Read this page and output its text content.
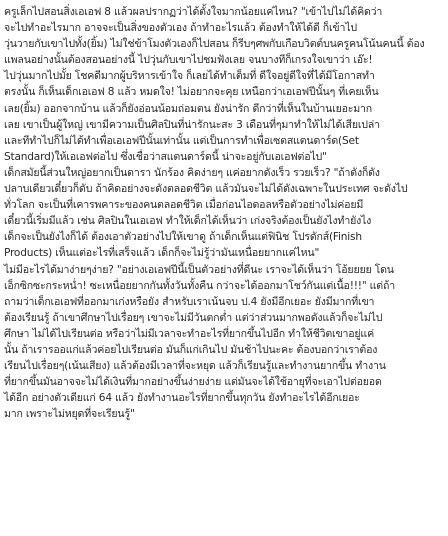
ครูเล็กไปสอนสิ่งเอเอฟ 8 แล้วผลปรากฏว่าได้ตั้งใจมากน้อยแค่ไหน? "เข้าไปไม่ได้คิดว่า
จะไปทำอะไรมาก อาจจะเป็นสิ่งของตัวเอง ถ้าทำอะไรแล้ว ต้องทำให้ได้ดี ก็เข้าไป
วุ่นวายกับเขาไปทั้ง(ยิ้ม) ไม่ใช่ข้าโมงตัวเองก็ไปสอน ก็รีบๆศพกับเกือบวิตต์บนครูคนโน้นคนนี้ ต้อง
แพลนอย่างนั้นต้องสอนอย่างนี้ ไปวุ่นกับเขาไปชมฟังเลย จนบางทีก็เกรงใจเขาว่า เอ๊ะ!
ไปวุ่นมากไปมั้ย โชคดีมากผู้บริหารเข้าใจ ก็เลยได้ทำเต็มที่ ดีใจอยู่ดีใจที่ได้มีโอกาสทำ
ตรงนั้น ก็เห็นเด็กเอเอฟ 8 แล้ว หมดใจ! ไม่อยากจะคุย เหนือกว่าเอเอฟปีนั้นๆ ที่เคยเห็น
เลย(ยิ้ม) ออกจากบ้าน แล้วก็ยังอ่อนน้อมถ่อมตน ยังน่ารัก ดีกว่าที่เห็นในบ้านเยอะมาก
เลย เขาเป็นผู้ใหญ่ เขามีความเป็นศิลปินที่น่ารักนะสะ 3 เดือนที่ๆมาทำให้ไม่ได้เสียเปล่า
และทีทำไปก็ไม่ได้ทำเพื่อเอเอฟปีนั้นเท่านั้น แต่เป็นการทำเพื่อเซตสแตนดาร์ด(Set
Standard)ให้เอเอฟต่อไป ซึ่งเชื่อว่าสแตนดาร์ดนี้ น่าจะอยู่กับเอเอฟต่อไป"

เด็กสมัยนี้ส่วนใหญ่อยากเป็นดารา นักร้อง คิดง่ายๆ แค่อยากดังเร็ว รวยเร็ว? "ถ้าดังก็ดัง
ปลาบเดียวเดี๋ยวก็ดับ ถ้าคิดอย่างจะดังตลอดชีวิต แล้วมันจะไม่ได้ดังเฉพาะในประเทศ จะดังไป
ทั่วโลก จะเป็นที่เคารพคาระของคนตลอดชีวิต เมื่อก่อนไอดอลหรือตัวอย่างไม่ค่อยมี
เดี๋ยวนี้เริ่มมีแล้ว เช่น ศิลปินในเอเอฟ ทำให้เด็กได้เห็นว่า เก่งจริงต้องเป็นยังไงทำยังไง
เด็กจะเป็นยังไงก็ได้ ต้องเอาตัวอย่างไปให้เขาดู ถ้าเด็กเห็นแต่ฟินิช โปรดักส์(Finish
Products) เห็นแต่อะไรที่เสร็จแล้ว เด็กก็จะไม่รู้ว่ามันเหนื่อยยากแค่ไหน"

ไม่มีอะไรได้มาง่ายๆง่าย? "อย่างเอเอฟปีนี้เป็นตัวอย่างที่ดีนะ เราจะได้เห็นว่า โอ้ยยยย โดน
เอ็กซิกซะกระหน่ำ! ซะเหนื่อยยากกันทั้งวันทั้งคืน กว่าจะได้ออกมาโชว์กันแต่เนื้อ!!!" แต่ถ้า
ถามว่าเด็กเอเอฟที่ออกมาเก่งหรือยัง สำหรับเราเน้นจบ ป.4 ยังมีอีกเยอะ ยังมีมากที่เขา
ต้องเรียนรู้ ถ้าเขาศึกษาไปเรื่อยๆ เขาจะไม่มีวันตกต่ำ แต่ว่าส่วนมากพอดังแล้วก็จะไม่ไป
ศึกษา ไม่ได้ไปเรียนต่อ หรือว่าไม่มีเวลาจะทำอะไรที่ยากขึ้นไปอีก ทำให้ชีวิตเขาอยู่แค่
นั้น ถ้าเรารออแก่แล้วค่อยไปเรียนต่อ มันก็แก่เกินไป มันช้าไปนะคะ ต้องบอกว่าเราต้อง
เรียนไปเรื่อยๆ(เน้นเสียง) แล้วต้องมีเวลาที่จะหยุด แล้วก็เรียนรู้และทำงานยากขึ้น ทำงาน
ที่ยากขึ้นมันอาจจะไม่ได้เงินที่มากอย่างขึ้นง่ายง่าย แต่มันจะได้ใช้อายุที่จะเอาไปต่อยอด
ได้อีก อย่างตัวเดียแก่ 64 แล้ว ยังทำงานอะไรที่ยากขึ้นทุกวัน ยังทำอะไรได้อีกเยอะ
มาก เพราะไม่หยุดที่จะเรียนรู้"
